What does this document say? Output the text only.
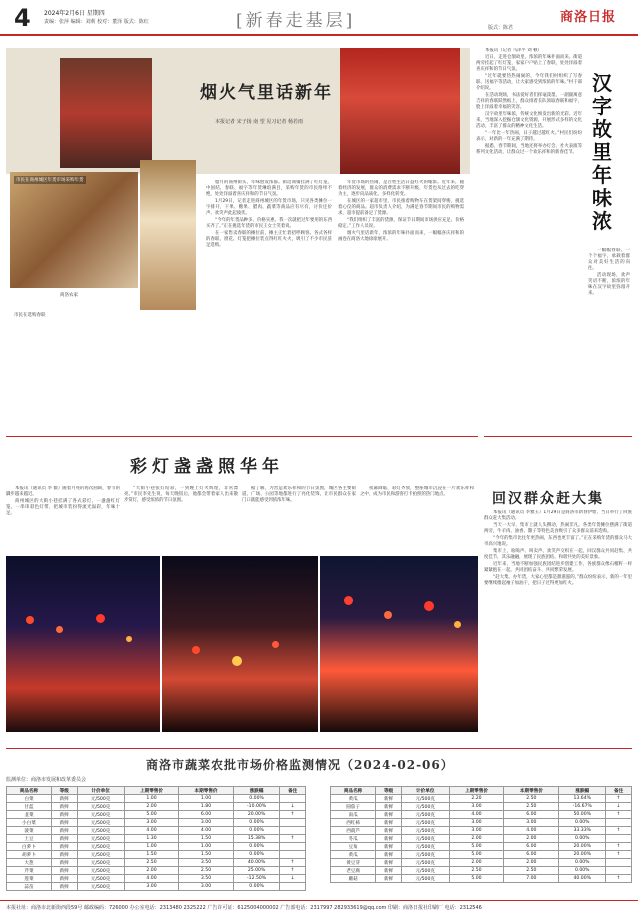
4 2024年2月6日 星期四
责编：张萍 编辑：刘莉 校对：董泽 版式：陈红	[新春走基层]	版式：陈君
商洛日报
烟火气里话新年
本报记者 宋子扬 南 望 见习记者 杨若雨
市民在商州城区年货市场采购年货
商洛农家
市民在选购春联

腊月的商州街头，年味愈发浓郁。街边商铺挂满了红灯笼、中国结，春联、福字等年货琳琅满目，采购年货的市民络绎不绝，处处洋溢着喜庆祥和的节日气氛。

1月29日，记者走进商州城区的年货市场，只见各类摊位一字排开，干果、糖果、腊肉、蔬菜等商品应有尽有，讨价还价声、欢笑声此起彼伏。

“今年的年货品种多、价格实惠，我一次就把过年要用的东西买齐了。”正在挑选年货的市民王女士笑着说。

在一家售卖春联的摊位前，摊主正忙着招呼顾客。各式各样的春联、窗花、灯笼把摊位装点得红红火火，吸引了不少市民驻足选购。

年货市场的热闹，是百姓生活日益红火的缩影。近年来，随着经济的发展，群众的消费需求不断升级，年货也从过去的吃穿为主，逐步向品质化、多样化转变。

在城区的一家超市里，市民推着购物车在货架间穿梭，挑选着心仪的商品。超市负责人介绍，为满足春节期间市民的购物需求，超市提前备足了货源。

“我们组织了丰富的货源，保证节日期间市场供应充足、价格稳定。”工作人员说。

烟火气里话新年，浓浓的年味扑面而来，一幅幅喜庆祥和的画卷在商洛大地徐徐展开。

汉
字
故
里
年
味
浓

本报讯（记者 马泽平 刘 顿）

近日，走进仓颉故里，浓浓的年味扑面而来。街道两旁挂起了红灯笼，家家户户贴上了春联，处处洋溢着喜庆祥和的节日气氛。

“过年就要热热闹闹的，今年我们村组织了写春联、送福字等活动，让大家感受到浓浓的年味。”村干部介绍说。

在活动现场，书法爱好者们挥毫泼墨，一副副寓意吉祥的春联跃然纸上，群众排着长队领取春联和福字，脸上洋溢着幸福的笑容。

汉字故里年味浓，传统文化焕发出新的光彩。近年来，当地深入挖掘仓颉文化资源，开展形式多样的文化活动，丰富了群众的精神文化生活。

“一年比一年热闹，日子越过越红火。”村民们纷纷表示，对新的一年充满了期待。

据悉，春节期间，当地还将举办灯会、社火表演等系列文化活动，让群众过一个欢乐祥和的新春佳节。

一幅幅春联、一个个福字，承载着群众对美好生活的向往。

活动现场，欢声笑语不断，浓浓的年味在汉字故里弥漫开来。

彩灯盏盏照华年

本报讯（通讯员 李 薇）随着月亮的再次圆缺，春节的脚步越来越近。

商州城区的大街小巷挂满了各式彩灯，一盏盏红灯笼、一串串彩色灯带，把城市装扮得流光溢彩，年味十足。

“大街小巷张灯结彩，一到晚上灯火辉煌，非常漂亮。”市民李先生说，每天晚饭后，他都会带着家人出来散步赏灯，感受浓浓的节日氛围。

据了解，为营造欢乐祥和的节日氛围，城区各主要街道、广场、公园等地都进行了亮化装饰，让市民群众在家门口就能感受到浓浓年味。

夜幕降临，彩灯齐放，整座城市沉浸在一片欢乐祥和之中，成为市民和游客打卡拍照的热门地点。	回汉群众赶大集

本报讯（通讯员 李雅玉）1月29日是商洛市新春伊始，当日举行了回族群众赶大集活动。

当天一大早，集市上就人头攒动，热闹非凡。各类年货摊位摆满了街道两旁，牛羊肉、油香、馓子等特色美食吸引了众多群众前来选购。

“今年的集市比往年更热闹，东西也更丰富了。”正在采购年货的群众马大爷高兴地说。

集市上，吆喝声、叫卖声、欢笑声交织在一起，回汉群众共同赶集、共度佳节，其乐融融，展现了民族团结、和谐共处的美好景象。

近年来，当地不断加强民族团结进步创建工作，各族群众像石榴籽一样紧紧抱在一起，共同团结奋斗、共同繁荣发展。

“赶大集、办年货，大家心里都是甜滋滋的。”群众纷纷表示，新的一年里要继续撸起袖子加油干，把日子过得更加红火。

商洛市蔬菜农批市场价格监测情况（2024-02-06）
监测单位：商洛市发展和改革委员会
商品名称	等级	计价单位	上期零售价	本期零售价	涨跌幅	备注
白菜	新鲜	元/500克	1.00	1.00	0.00%	
甘蓝	新鲜	元/500克	2.00	1.80	-10.00%	↓
韭菜	新鲜	元/500克	5.00	6.00	20.00%	↑
小白菜	新鲜	元/500克	3.00	3.00	0.00%	
菠菜	新鲜	元/500克	4.00	4.00	0.00%	
土豆	新鲜	元/500克	1.30	1.50	15.38%	↑
白萝卜	新鲜	元/500克	1.00	1.00	0.00%	
胡萝卜	新鲜	元/500克	1.50	1.50	0.00%	
大葱	新鲜	元/500克	2.50	3.50	40.00%	↑
芹菜	新鲜	元/500克	2.00	2.50	25.00%	↑
莲菜	新鲜	元/500克	4.00	3.50	-12.50%	↓
蒜苗	新鲜	元/500克	3.00	3.00	0.00%	
商品名称	等级	计价单位	上期零售价	本期零售价	涨跌幅	备注
黄瓜	新鲜	元/500克	2.20	2.50	13.64%	↑
圆茄子	新鲜	元/500克	3.00	2.50	-16.67%	↓
南瓜	新鲜	元/500克	4.00	6.00	50.00%	↑
西红柿	新鲜	元/500克	3.00	3.00	0.00%	
西葫芦	新鲜	元/500克	3.00	4.00	33.33%	↑
冬瓜	新鲜	元/500克	2.00	2.00	0.00%	
豆角	新鲜	元/500克	5.00	6.00	20.00%	↑
黄瓜	新鲜	元/500克	5.00	6.00	20.00%	↑
黄豆芽	新鲜	元/500克	2.00	2.00	0.00%	
老豆腐	新鲜	元/500克	2.50	2.50	0.00%	
蘑菇	新鲜	元/500克	5.00	7.00	40.00%	↑
本报社址：商洛市北新街西段59号 邮政编码：726000 办公室电话：2313480 2325222 广告许可证：6125004000002 广告部电话：2317997 282933619@qq.com 印刷：商洛日报社印刷厂 电话：2312546
